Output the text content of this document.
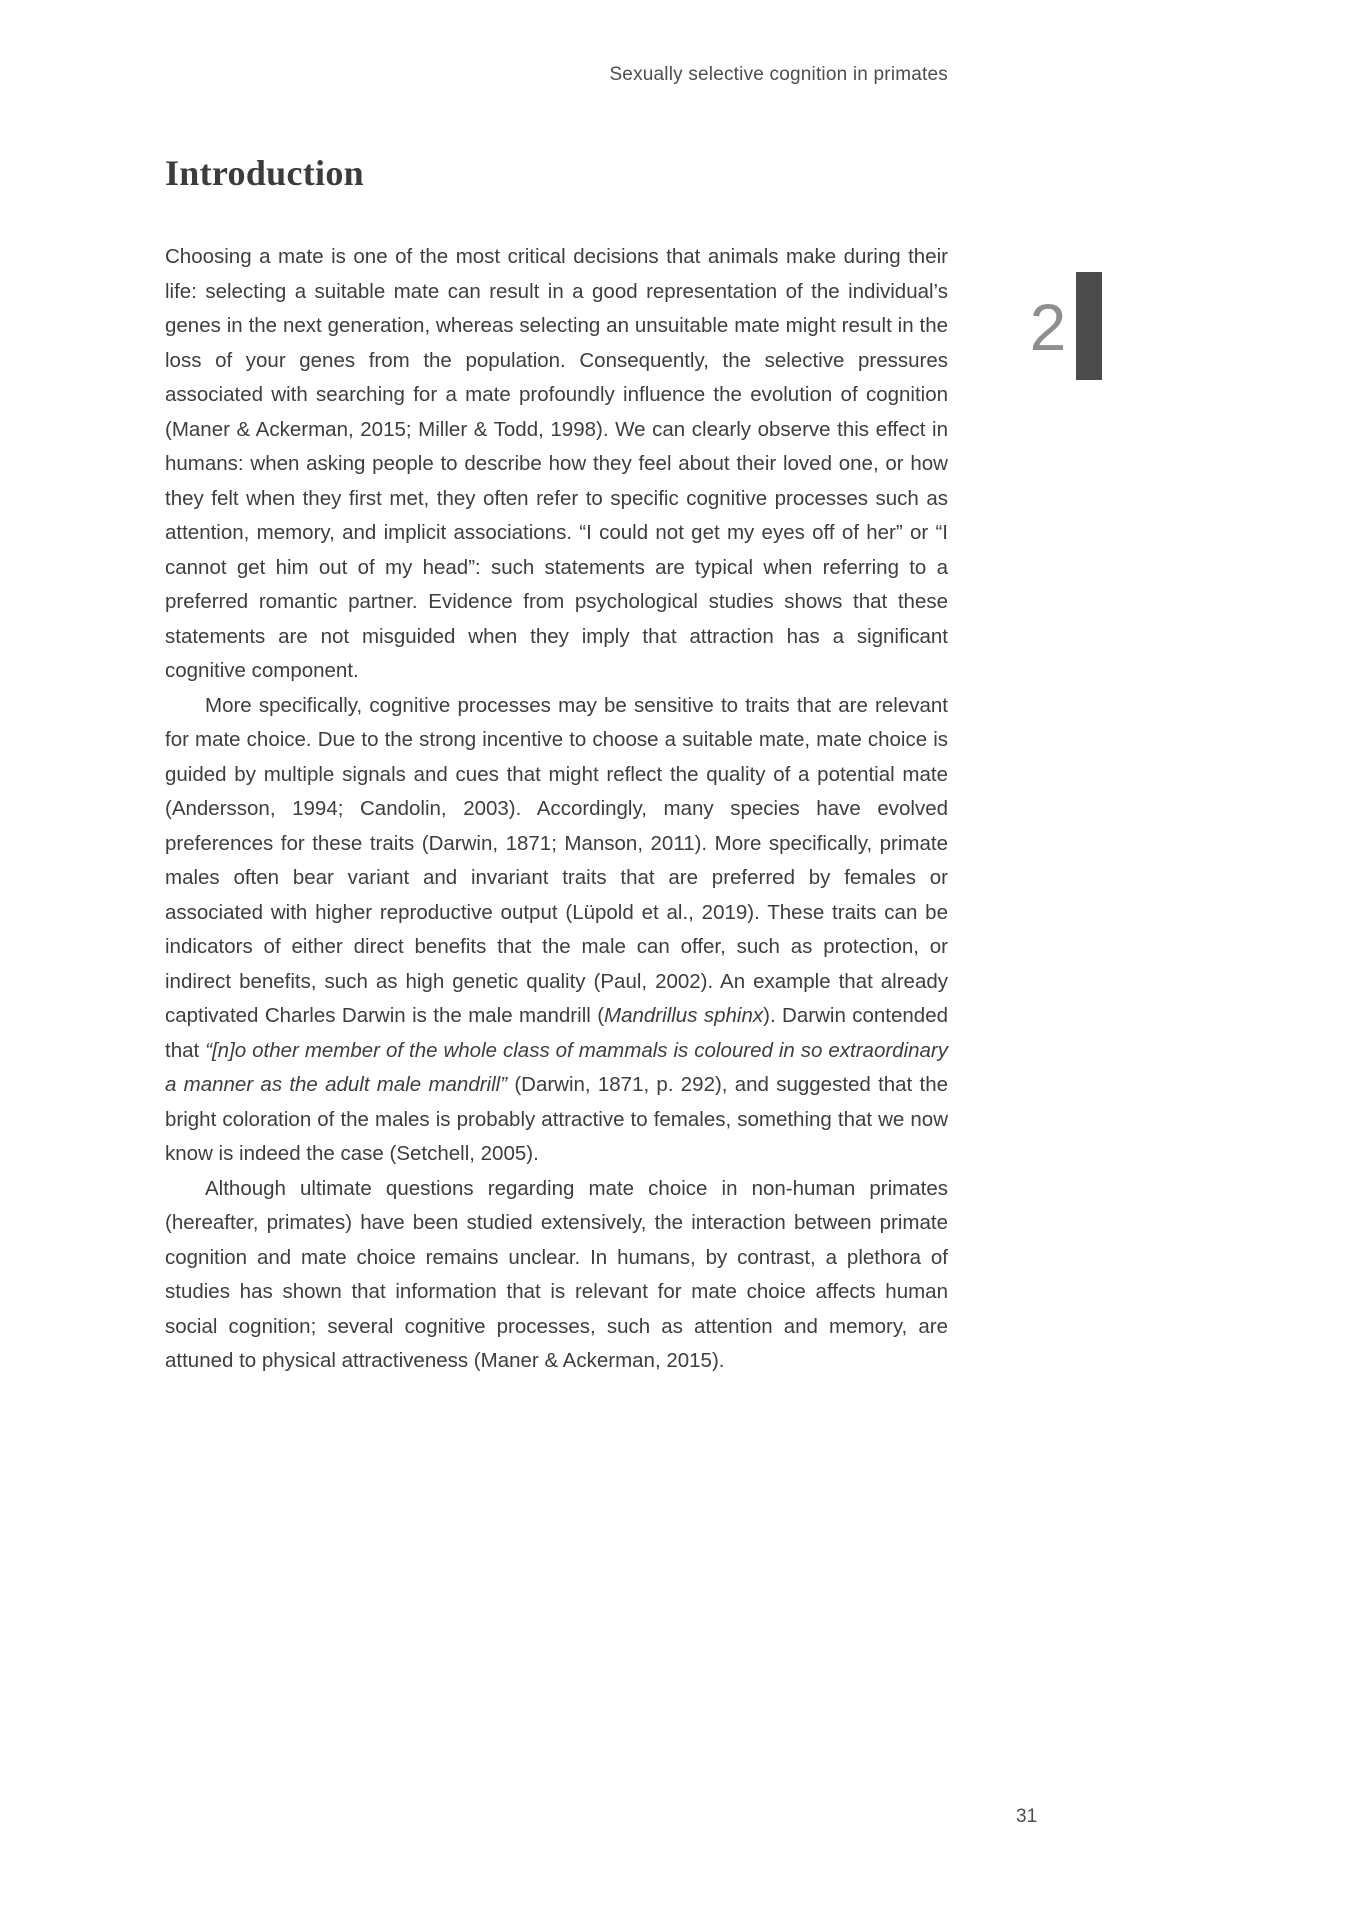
Sexually selective cognition in primates
2
Introduction

Choosing a mate is one of the most critical decisions that animals make during their life: selecting a suitable mate can result in a good representation of the individual’s genes in the next generation, whereas selecting an unsuitable mate might result in the loss of your genes from the population. Consequently, the selective pressures associated with searching for a mate profoundly influence the evolution of cognition (Maner & Ackerman, 2015; Miller & Todd, 1998). We can clearly observe this effect in humans: when asking people to describe how they feel about their loved one, or how they felt when they first met, they often refer to specific cognitive processes such as attention, memory, and implicit associations. “I could not get my eyes off of her” or “I cannot get him out of my head”: such statements are typical when referring to a preferred romantic partner. Evidence from psychological studies shows that these statements are not misguided when they imply that attraction has a significant cognitive component.

More specifically, cognitive processes may be sensitive to traits that are relevant for mate choice. Due to the strong incentive to choose a suitable mate, mate choice is guided by multiple signals and cues that might reflect the quality of a potential mate (Andersson, 1994; Candolin, 2003). Accordingly, many species have evolved preferences for these traits (Darwin, 1871; Manson, 2011). More specifically, primate males often bear variant and invariant traits that are preferred by females or associated with higher reproductive output (Lüpold et al., 2019). These traits can be indicators of either direct benefits that the male can offer, such as protection, or indirect benefits, such as high genetic quality (Paul, 2002). An example that already captivated Charles Darwin is the male mandrill (Mandrillus sphinx). Darwin contended that “[n]o other member of the whole class of mammals is coloured in so extraordinary a manner as the adult male mandrill” (Darwin, 1871, p. 292), and suggested that the bright coloration of the males is probably attractive to females, something that we now know is indeed the case (Setchell, 2005).

Although ultimate questions regarding mate choice in non-human primates (hereafter, primates) have been studied extensively, the interaction between primate cognition and mate choice remains unclear. In humans, by contrast, a plethora of studies has shown that information that is relevant for mate choice affects human social cognition; several cognitive processes, such as attention and memory, are attuned to physical attractiveness (Maner & Ackerman, 2015).

31
